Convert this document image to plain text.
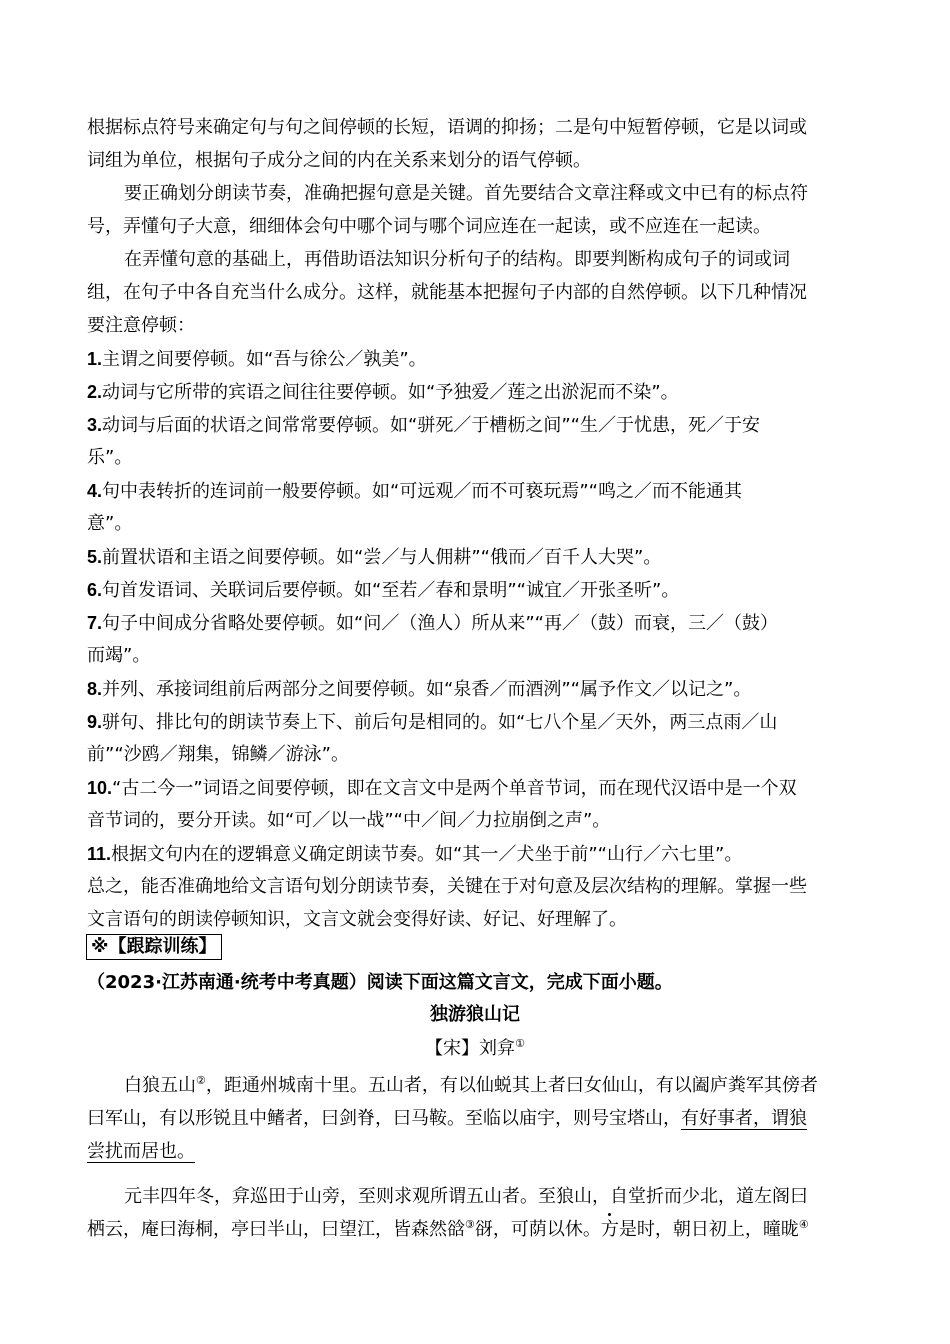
根据标点符号来确定句与句之间停顿的长短，语调的抑扬；二是句中短暂停顿，它是以词或
词组为单位，根据句子成分之间的内在关系来划分的语气停顿。
要正确划分朗读节奏，准确把握句意是关键。首先要结合文章注释或文中已有的标点符
号，弄懂句子大意，细细体会句中哪个词与哪个词应连在一起读，或不应连在一起读。
在弄懂句意的基础上，再借助语法知识分析句子的结构。即要判断构成句子的词或词
组，在句子中各自充当什么成分。这样，就能基本把握句子内部的自然停顿。以下几种情况
要注意停顿：
1.主谓之间要停顿。如“吾与徐公／孰美”。
2.动词与它所带的宾语之间往往要停顿。如“予独爱／莲之出淤泥而不染”。
3.动词与后面的状语之间常常要停顿。如“骈死／于槽枥之间”“生／于忧患，死／于安
乐”。
4.句中表转折的连词前一般要停顿。如“可远观／而不可亵玩焉”“鸣之／而不能通其
意”。
5.前置状语和主语之间要停顿。如“尝／与人佣耕”“俄而／百千人大哭”。
6.句首发语词、关联词后要停顿。如“至若／春和景明”“诚宜／开张圣听”。
7.句子中间成分省略处要停顿。如“问／（渔人）所从来”“再／（鼓）而衰，三／（鼓）
而竭”。
8.并列、承接词组前后两部分之间要停顿。如“泉香／而酒洌”“属予作文／以记之”。
9.骈句、排比句的朗读节奏上下、前后句是相同的。如“七八个星／天外，两三点雨／山
前”“沙鸥／翔集，锦鳞／游泳”。
10.“古二今一”词语之间要停顿，即在文言文中是两个单音节词，而在现代汉语中是一个双
音节词的，要分开读。如“可／以一战”“中／间／力拉崩倒之声”。
11.根据文句内在的逻辑意义确定朗读节奏。如“其一／犬坐于前”“山行／六七里”。
总之，能否准确地给文言语句划分朗读节奏，关键在于对句意及层次结构的理解。掌握一些
文言语句的朗读停顿知识，文言文就会变得好读、好记、好理解了。
※【跟踪训练】
（2023·江苏南通·统考中考真题）阅读下面这篇文言文，完成下面小题。
独游狼山记
【宋】刘弇①
白狼五山②，距通州城南十里。五山者，有以仙蜕其上者曰女仙山，有以阖庐粪军其傍者
曰军山，有以形锐且中鳍者，曰剑脊，曰马鞍。至临以庙宇，则号宝塔山，有好事者，谓狼
尝扰而居也。
元丰四年冬，弇巡田于山旁，至则求观所谓五山者。至狼山，自堂折而少北，道左阁曰
栖云，庵曰海桐，亭曰半山，曰望江，皆森然谽③谺，可荫以休。方是时，朝日初上，曈昽④
